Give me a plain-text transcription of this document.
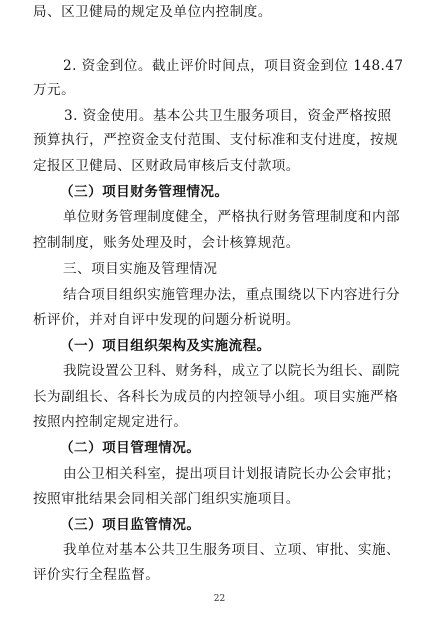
局、区卫健局的规定及单位内控制度。
2. 资金到位。截止评价时间点，项目资金到位 148.47
万元。
3. 资金使用。基本公共卫生服务项目，资金严格按照
预算执行，严控资金支付范围、支付标准和支付进度，按规
定报区卫健局、区财政局审核后支付款项。
（三）项目财务管理情况。
单位财务管理制度健全，严格执行财务管理制度和内部
控制制度，账务处理及时，会计核算规范。
三、项目实施及管理情况
结合项目组织实施管理办法，重点围绕以下内容进行分
析评价，并对自评中发现的问题分析说明。
（一）项目组织架构及实施流程。
我院设置公卫科、财务科，成立了以院长为组长、副院
长为副组长、各科长为成员的内控领导小组。项目实施严格
按照内控制定规定进行。
（二）项目管理情况。
由公卫相关科室，提出项目计划报请院长办公会审批；
按照审批结果会同相关部门组织实施项目。
（三）项目监管情况。
我单位对基本公共卫生服务项目、立项、审批、实施、
评价实行全程监督。
22
